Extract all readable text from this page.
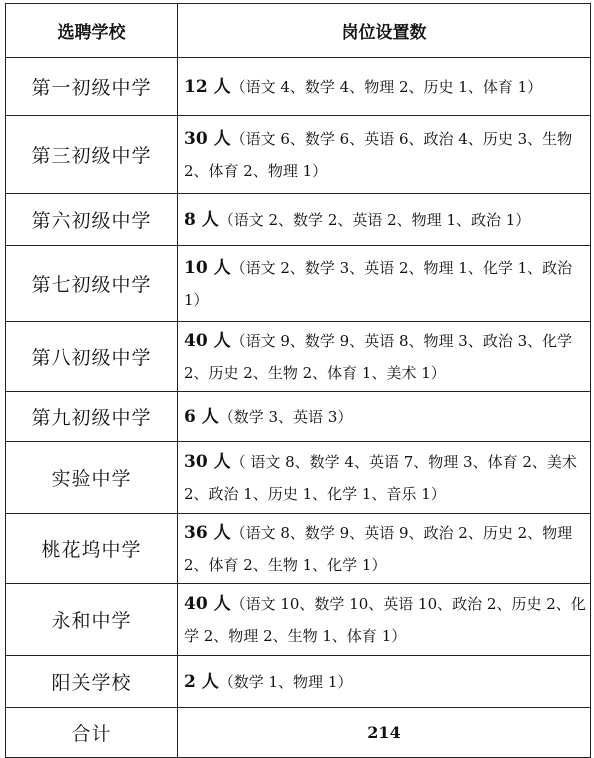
选聘学校	岗位设置数
第一初级中学	12 人（语文 4、数学 4、物理 2、历史 1、体育 1）
第三初级中学	30 人（语文 6、数学 6、英语 6、政治 4、历史 3、生物 2、体育 2、物理 1）
第六初级中学	8 人（语文 2、数学 2、英语 2、物理 1、政治 1）
第七初级中学	10 人（语文 2、数学 3、英语 2、物理 1、化学 1、政治 1）
第八初级中学	40 人（语文 9、数学 9、英语 8、物理 3、政治 3、化学 2、历史 2、生物 2、体育 1、美术 1）
第九初级中学	6 人（数学 3、英语 3）
实验中学	30 人（ 语文 8、数学 4、英语 7、物理 3、体育 2、美术 2、政治 1、历史 1、化学 1、音乐 1）
桃花坞中学	36 人（语文 8、数学 9、英语 9、政治 2、历史 2、物理 2、体育 2、生物 1、化学 1）
永和中学	40 人（语文 10、数学 10、英语 10、政治 2、历史 2、化学 2、物理 2、生物 1、体育 1）
阳关学校	2 人（数学 1、物理 1）
合计	214
